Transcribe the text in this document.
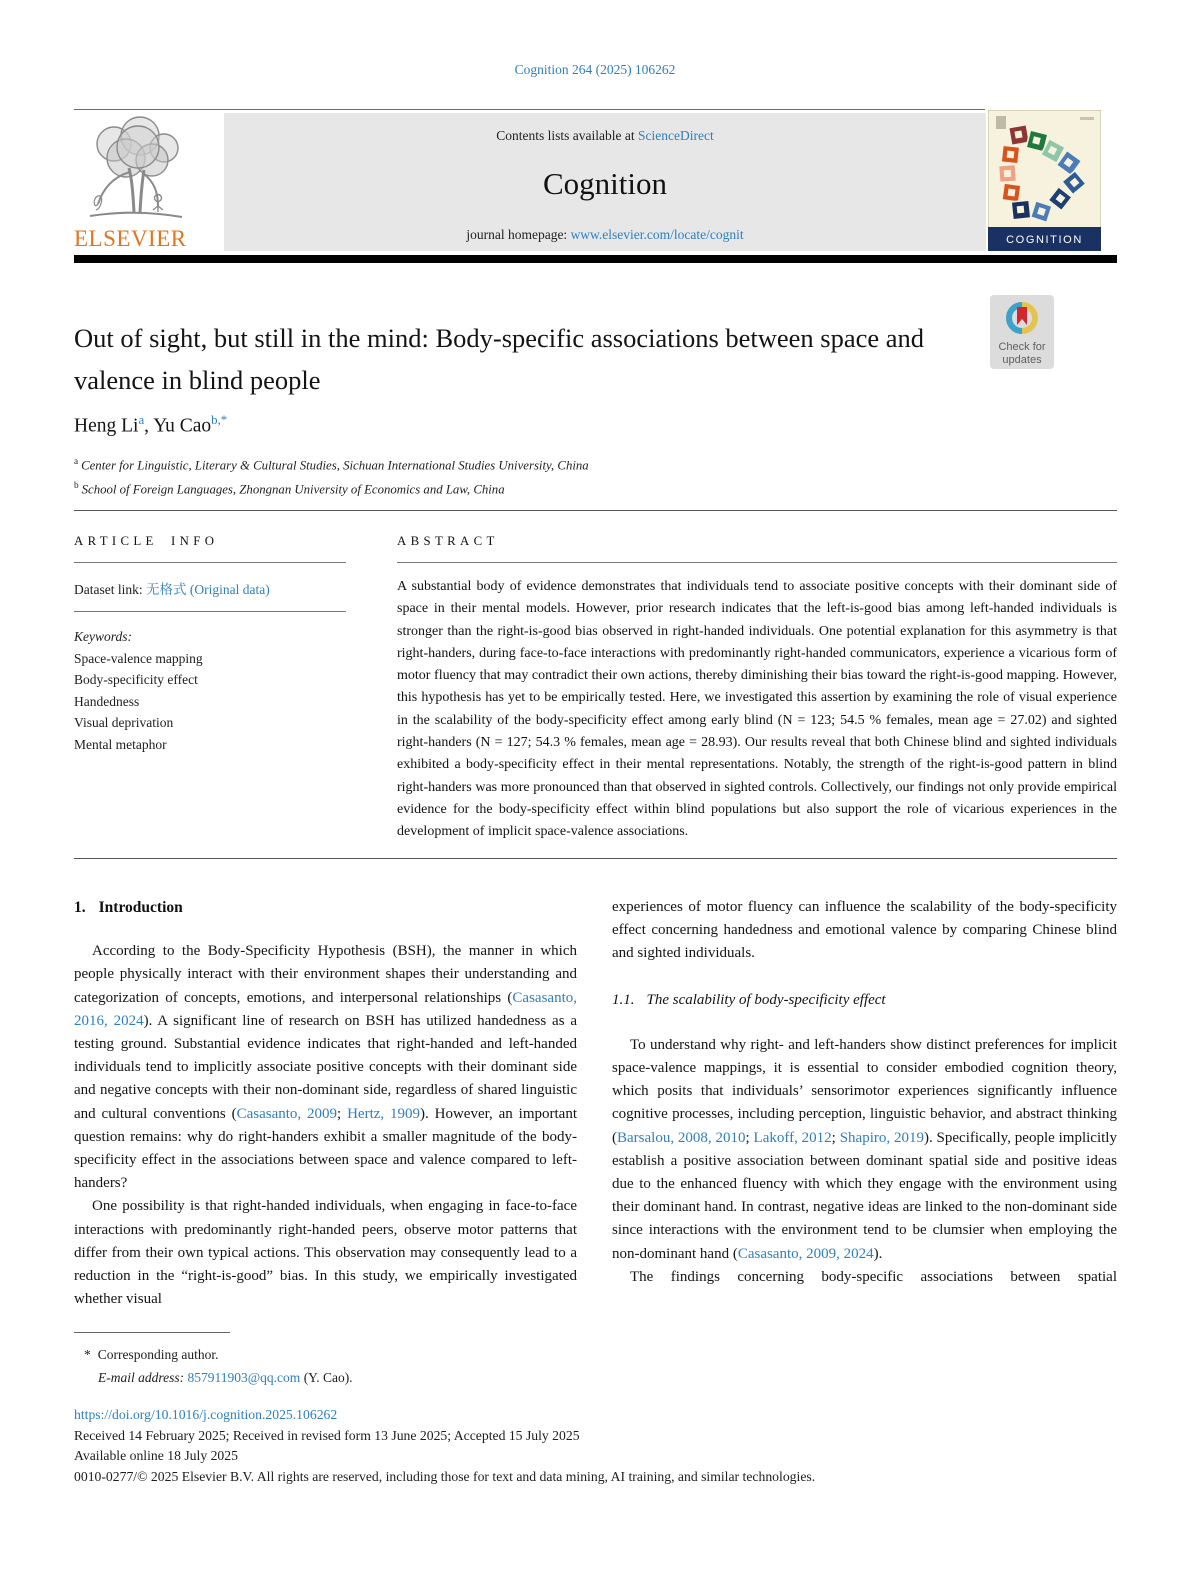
Cognition 264 (2025) 106262
ELSEVIER
Contents lists available at ScienceDirect
Cognition
journal homepage: www.elsevier.com/locate/cognit	COGNITION
Check for
updates
Out of sight, but still in the mind: Body-specific associations between space and valence in blind people
Heng Li$^a$, Yu Cao$^{b,*}$
$^a$ Center for Linguistic, Literary & Cultural Studies, Sichuan International Studies University, China
$^b$ School of Foreign Languages, Zhongnan University of Economics and Law, China
ARTICLE INFO
Dataset link: 无格式 (Original data)
Keywords:
Space-valence mapping
Body-specificity effect
Handedness
Visual deprivation
Mental metaphor
ABSTRACT

A substantial body of evidence demonstrates that individuals tend to associate positive concepts with their dominant side of space in their mental models. However, prior research indicates that the left-is-good bias among left-handed individuals is stronger than the right-is-good bias observed in right-handed individuals. One potential explanation for this asymmetry is that right-handers, during face-to-face interactions with predominantly right-handed communicators, experience a vicarious form of motor fluency that may contradict their own actions, thereby diminishing their bias toward the right-is-good mapping. However, this hypothesis has yet to be empirically tested. Here, we investigated this assertion by examining the role of visual experience in the scalability of the body-specificity effect among early blind (N = 123; 54.5 % females, mean age = 27.02) and sighted right-handers (N = 127; 54.3 % females, mean age = 28.93). Our results reveal that both Chinese blind and sighted individuals exhibited a body-specificity effect in their mental representations. Notably, the strength of the right-is-good pattern in blind right-handers was more pronounced than that observed in sighted controls. Collectively, our findings not only provide empirical evidence for the body-specificity effect within blind populations but also support the role of vicarious experiences in the development of implicit space-valence associations.

1. Introduction

According to the Body-Specificity Hypothesis (BSH), the manner in which people physically interact with their environment shapes their understanding and categorization of concepts, emotions, and interpersonal relationships (Casasanto, 2016, 2024). A significant line of research on BSH has utilized handedness as a testing ground. Substantial evidence indicates that right-handed and left-handed individuals tend to implicitly associate positive concepts with their dominant side and negative concepts with their non-dominant side, regardless of shared linguistic and cultural conventions (Casasanto, 2009; Hertz, 1909). However, an important question remains: why do right-handers exhibit a smaller magnitude of the body-specificity effect in the associations between space and valence compared to left-handers?

One possibility is that right-handed individuals, when engaging in face-to-face interactions with predominantly right-handed peers, observe motor patterns that differ from their own typical actions. This observation may consequently lead to a reduction in the “right-is-good” bias. In this study, we empirically investigated whether visual

experiences of motor fluency can influence the scalability of the body-specificity effect concerning handedness and emotional valence by comparing Chinese blind and sighted individuals.

1.1. The scalability of body-specificity effect

To understand why right- and left-handers show distinct preferences for implicit space-valence mappings, it is essential to consider embodied cognition theory, which posits that individuals’ sensorimotor experiences significantly influence cognitive processes, including perception, linguistic behavior, and abstract thinking (Barsalou, 2008, 2010; Lakoff, 2012; Shapiro, 2019). Specifically, people implicitly establish a positive association between dominant spatial side and positive ideas due to the enhanced fluency with which they engage with the environment using their dominant hand. In contrast, negative ideas are linked to the non-dominant side since interactions with the environment tend to be clumsier when employing the non-dominant hand (Casasanto, 2009, 2024).

The findings concerning body-specific associations between spatial

* Corresponding author.
E-mail address: 857911903@qq.com (Y. Cao).
https://doi.org/10.1016/j.cognition.2025.106262
Received 14 February 2025; Received in revised form 13 June 2025; Accepted 15 July 2025
Available online 18 July 2025
0010-0277/© 2025 Elsevier B.V. All rights are reserved, including those for text and data mining, AI training, and similar technologies.
